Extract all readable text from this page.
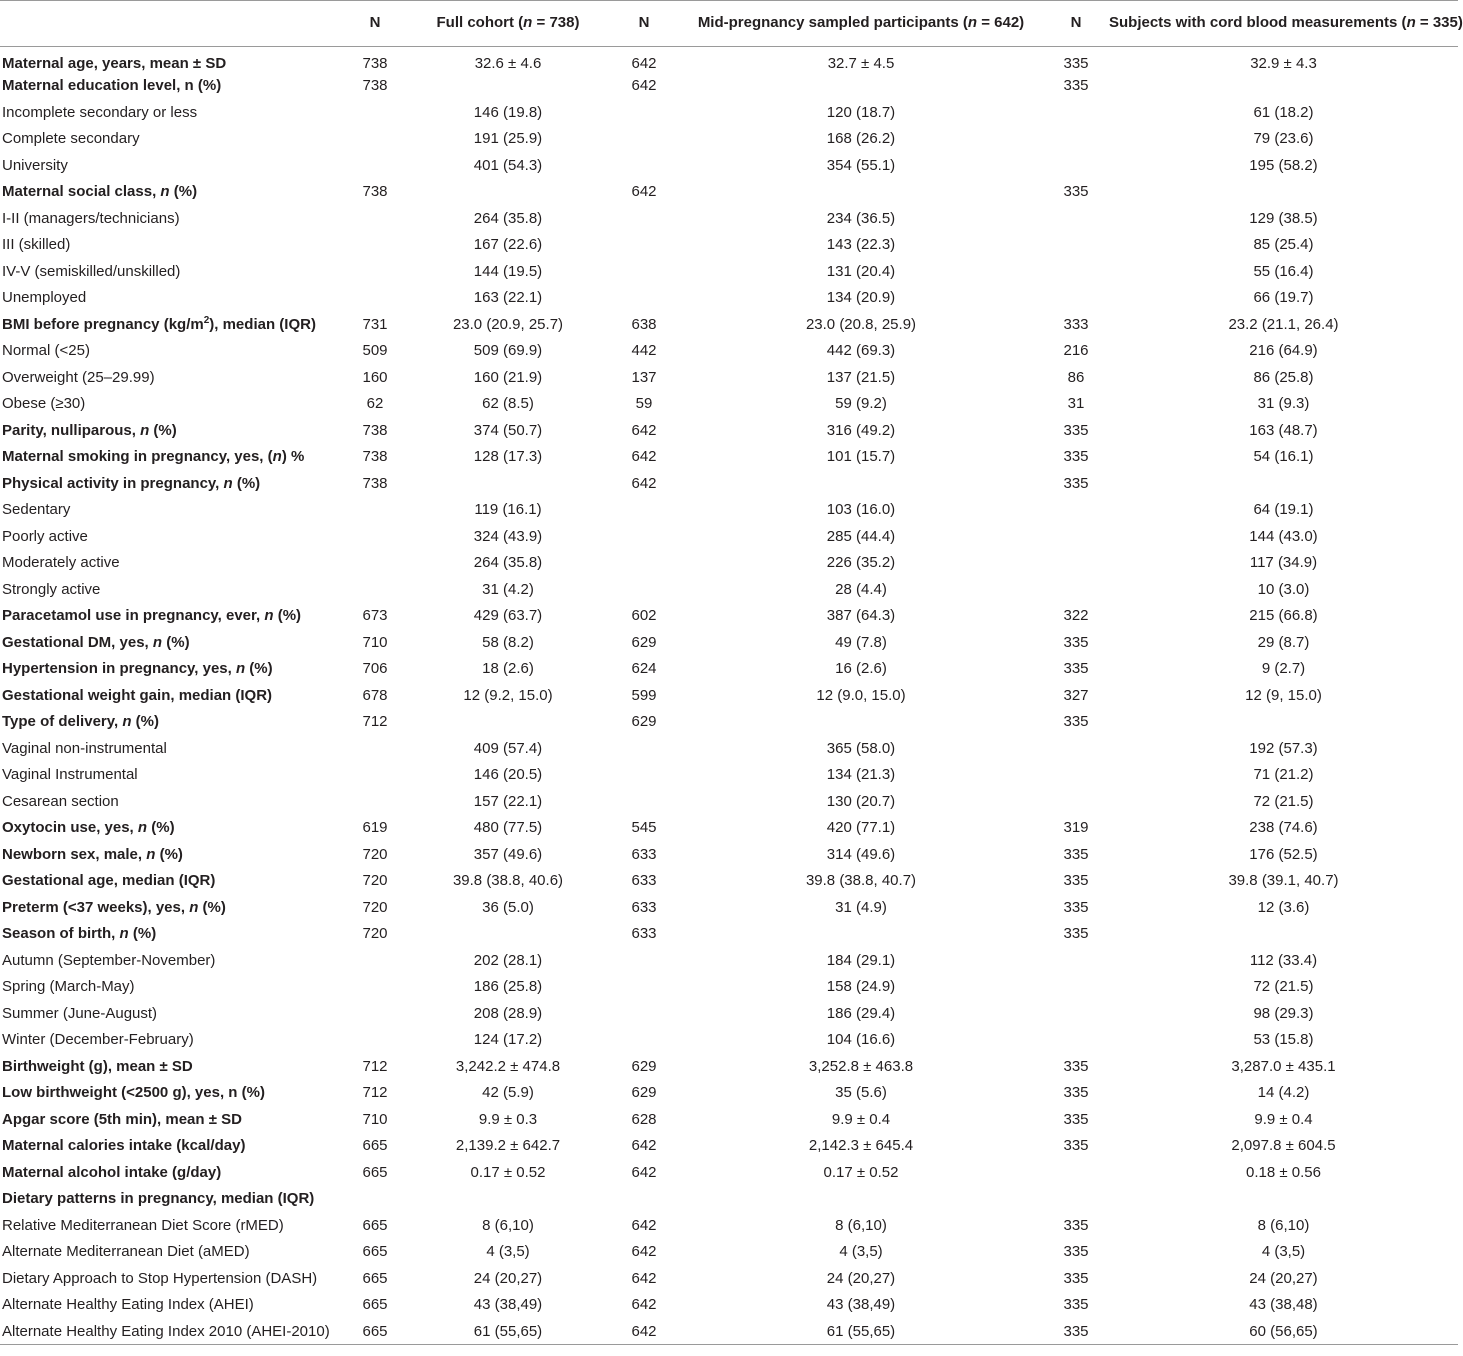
	N	Full cohort (n = 738)	N	Mid-pregnancy sampled participants (n = 642)	N	Subjects with cord blood measurements (n = 335)
Maternal age, years, mean ± SD	738	32.6 ± 4.6	642	32.7 ± 4.5	335	32.9 ± 4.3
Maternal education level, n (%)	738		642		335	
Incomplete secondary or less		146 (19.8)		120 (18.7)		61 (18.2)
Complete secondary		191 (25.9)		168 (26.2)		79 (23.6)
University		401 (54.3)		354 (55.1)		195 (58.2)
Maternal social class, n (%)	738		642		335	
I-II (managers/technicians)		264 (35.8)		234 (36.5)		129 (38.5)
III (skilled)		167 (22.6)		143 (22.3)		85 (25.4)
IV-V (semiskilled/unskilled)		144 (19.5)		131 (20.4)		55 (16.4)
Unemployed		163 (22.1)		134 (20.9)		66 (19.7)
BMI before pregnancy $(kg/m^2)$, median (IQR)	731	23.0 (20.9, 25.7)	638	23.0 (20.8, 25.9)	333	23.2 (21.1, 26.4)
Normal (<25)	509	509 (69.9)	442	442 (69.3)	216	216 (64.9)
Overweight (25–29.99)	160	160 (21.9)	137	137 (21.5)	86	86 (25.8)
Obese (≥30)	62	62 (8.5)	59	59 (9.2)	31	31 (9.3)
Parity, nulliparous, n (%)	738	374 (50.7)	642	316 (49.2)	335	163 (48.7)
Maternal smoking in pregnancy, yes, (n) %	738	128 (17.3)	642	101 (15.7)	335	54 (16.1)
Physical activity in pregnancy, n (%)	738		642		335	
Sedentary		119 (16.1)		103 (16.0)		64 (19.1)
Poorly active		324 (43.9)		285 (44.4)		144 (43.0)
Moderately active		264 (35.8)		226 (35.2)		117 (34.9)
Strongly active		31 (4.2)		28 (4.4)		10 (3.0)
Paracetamol use in pregnancy, ever, n (%)	673	429 (63.7)	602	387 (64.3)	322	215 (66.8)
Gestational DM, yes, n (%)	710	58 (8.2)	629	49 (7.8)	335	29 (8.7)
Hypertension in pregnancy, yes, n (%)	706	18 (2.6)	624	16 (2.6)	335	9 (2.7)
Gestational weight gain, median (IQR)	678	12 (9.2, 15.0)	599	12 (9.0, 15.0)	327	12 (9, 15.0)
Type of delivery, n (%)	712		629		335	
Vaginal non-instrumental		409 (57.4)		365 (58.0)		192 (57.3)
Vaginal Instrumental		146 (20.5)		134 (21.3)		71 (21.2)
Cesarean section		157 (22.1)		130 (20.7)		72 (21.5)
Oxytocin use, yes, n (%)	619	480 (77.5)	545	420 (77.1)	319	238 (74.6)
Newborn sex, male, n (%)	720	357 (49.6)	633	314 (49.6)	335	176 (52.5)
Gestational age, median (IQR)	720	39.8 (38.8, 40.6)	633	39.8 (38.8, 40.7)	335	39.8 (39.1, 40.7)
Preterm (<37 weeks), yes, n (%)	720	36 (5.0)	633	31 (4.9)	335	12 (3.6)
Season of birth, n (%)	720		633		335	
Autumn (September-November)		202 (28.1)		184 (29.1)		112 (33.4)
Spring (March-May)		186 (25.8)		158 (24.9)		72 (21.5)
Summer (June-August)		208 (28.9)		186 (29.4)		98 (29.3)
Winter (December-February)		124 (17.2)		104 (16.6)		53 (15.8)
Birthweight (g), mean ± SD	712	3,242.2 ± 474.8	629	3,252.8 ± 463.8	335	3,287.0 ± 435.1
Low birthweight (<2500 g), yes, n (%)	712	42 (5.9)	629	35 (5.6)	335	14 (4.2)
Apgar score (5th min), mean ± SD	710	9.9 ± 0.3	628	9.9 ± 0.4	335	9.9 ± 0.4
Maternal calories intake (kcal/day)	665	2,139.2 ± 642.7	642	2,142.3 ± 645.4	335	2,097.8 ± 604.5
Maternal alcohol intake (g/day)	665	0.17 ± 0.52	642	0.17 ± 0.52		0.18 ± 0.56
Dietary patterns in pregnancy, median (IQR)						
Relative Mediterranean Diet Score (rMED)	665	8 (6,10)	642	8 (6,10)	335	8 (6,10)
Alternate Mediterranean Diet (aMED)	665	4 (3,5)	642	4 (3,5)	335	4 (3,5)
Dietary Approach to Stop Hypertension (DASH)	665	24 (20,27)	642	24 (20,27)	335	24 (20,27)
Alternate Healthy Eating Index (AHEI)	665	43 (38,49)	642	43 (38,49)	335	43 (38,48)
Alternate Healthy Eating Index 2010 (AHEI-2010)	665	61 (55,65)	642	61 (55,65)	335	60 (56,65)
